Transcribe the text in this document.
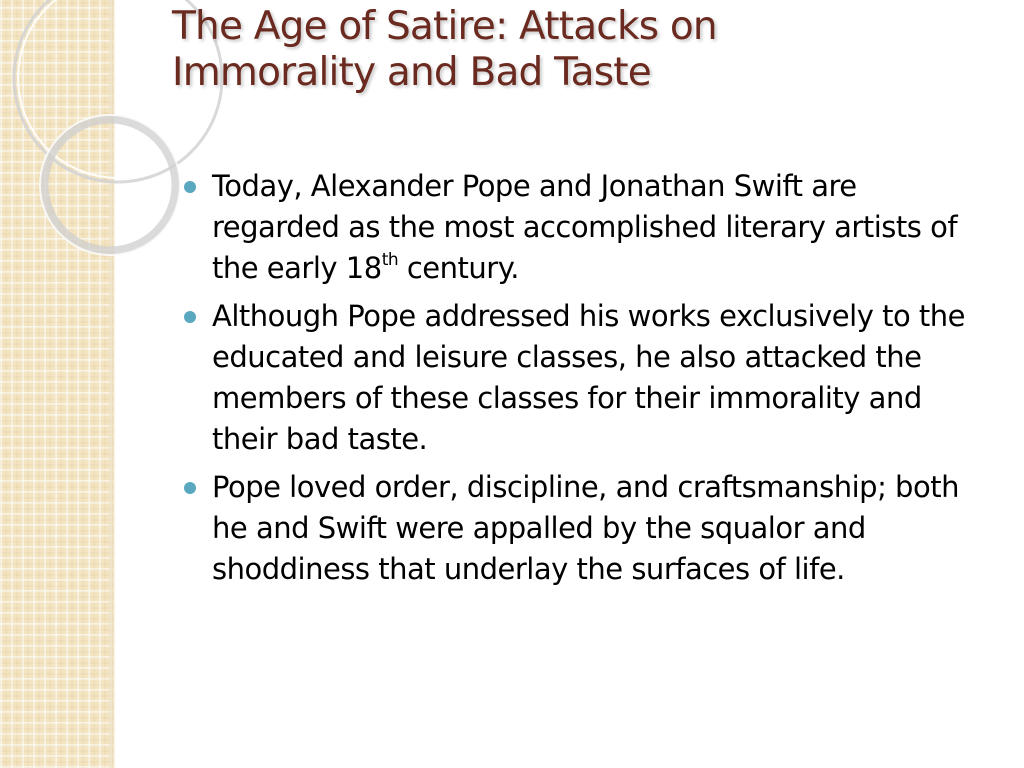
The Age of Satire: Attacks on
Immorality and Bad Taste
Today, Alexander Pope and Jonathan Swift are regarded as the most accomplished literary artists of the early 18th century.
Although Pope addressed his works exclusively to the educated and leisure classes, he also attacked the members of these classes for their immorality and their bad taste.
Pope loved order, discipline, and craftsmanship; both he and Swift were appalled by the squalor and shoddiness that underlay the surfaces of life.
